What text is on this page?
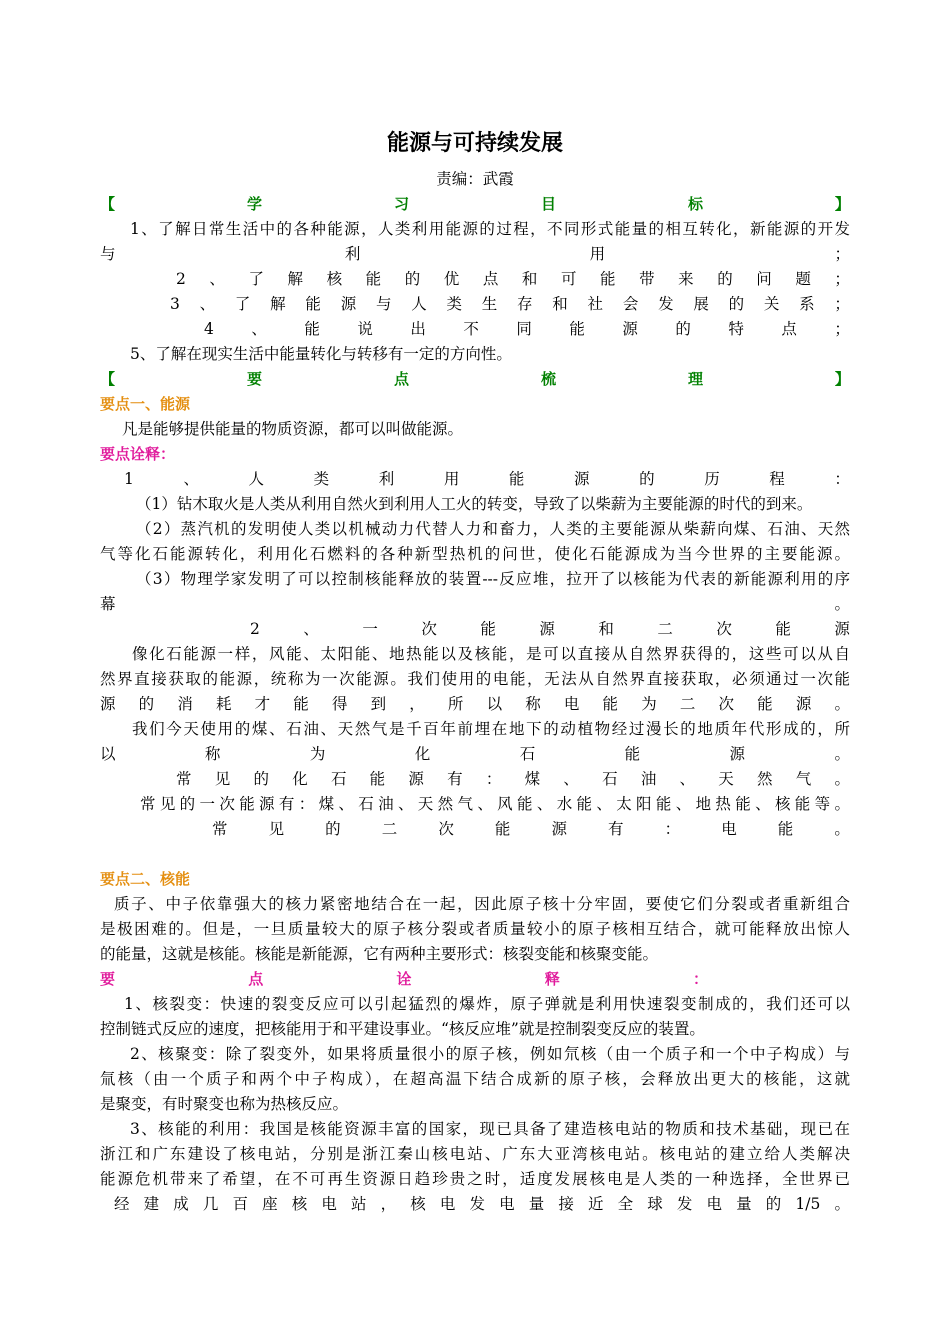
能源与可持续发展
责编：武霞
【	学	习	目	标	】
1、了解日常生活中的各种能源，人类利用能源的过程，不同形式能量的相互转化，新能源的开发
与	利	用	；
2 、 了 解 核 能 的 优 点 和 可 能 带 来 的 问 题 ；
3 、 了 解 能 源 与 人 类 生 存 和 社 会 发 展 的 关 系 ；
4 、 能 说 出 不 同 能 源 的 特 点 ；
5、了解在现实生活中能量转化与转移有一定的方向性。
【	要	点	梳	理	】
要点一、能源
凡是能够提供能量的物质资源，都可以叫做能源。
要点诠释：
1	、	人	类	利	用	能	源	的	历	程	：
（1）钻木取火是人类从利用自然火到利用人工火的转变，导致了以柴薪为主要能源的时代的到来。
（2）蒸汽机的发明使人类以机械动力代替人力和畜力，人类的主要能源从柴薪向煤、石油、天然
气等化石能源转化，利用化石燃料的各种新型热机的问世，使化石能源成为当今世界的主要能源。
（3）物理学家发明了可以控制核能释放的装置---反应堆，拉开了以核能为代表的新能源利用的序
幕	。
2	、	一	次	能	源	和	二	次	能	源
像化石能源一样，风能、太阳能、地热能以及核能，是可以直接从自然界获得的，这些可以从自
然界直接获取的能源，统称为一次能源。我们使用的电能，无法从自然界直接获取，必须通过一次能
源 的 消 耗 才 能 得 到 ， 所 以 称 电 能 为 二 次 能 源 。
我们今天使用的煤、石油、天然气是千百年前埋在地下的动植物经过漫长的地质年代形成的，所
以	称	为	化	石	能	源	。
常 见 的 化 石 能 源 有 ： 煤 、 石 油 、 天 然 气 。
常见的一次能源有：煤、石油、天然气、风能、水能、太阳能、地热能、核能等。
常	见	的	二	次	能	源	有	：	电	能	。
要点二、核能
质子、中子依靠强大的核力紧密地结合在一起，因此原子核十分牢固，要使它们分裂或者重新组合
是极困难的。但是，一旦质量较大的原子核分裂或者质量较小的原子核相互结合，就可能释放出惊人
的能量，这就是核能。核能是新能源，它有两种主要形式：核裂变能和核聚变能。
要	点	诠	释	：
1、核裂变：快速的裂变反应可以引起猛烈的爆炸，原子弹就是利用快速裂变制成的，我们还可以
控制链式反应的速度，把核能用于和平建设事业。“核反应堆”就是控制裂变反应的装置。
2、核聚变：除了裂变外，如果将质量很小的原子核，例如氘核（由一个质子和一个中子构成）与
氚核（由一个质子和两个中子构成），在超高温下结合成新的原子核，会释放出更大的核能，这就
是聚变，有时聚变也称为热核反应。
3、核能的利用：我国是核能资源丰富的国家，现已具备了建造核电站的物质和技术基础，现已在
浙江和广东建设了核电站，分别是浙江秦山核电站、广东大亚湾核电站。核电站的建立给人类解决
能源危机带来了希望，在不可再生资源日趋珍贵之时，适度发展核电是人类的一种选择，全世界已
经 建 成 几 百 座 核 电 站 ， 核 电 发 电 量 接 近 全 球 发 电 量 的 1/5 。
